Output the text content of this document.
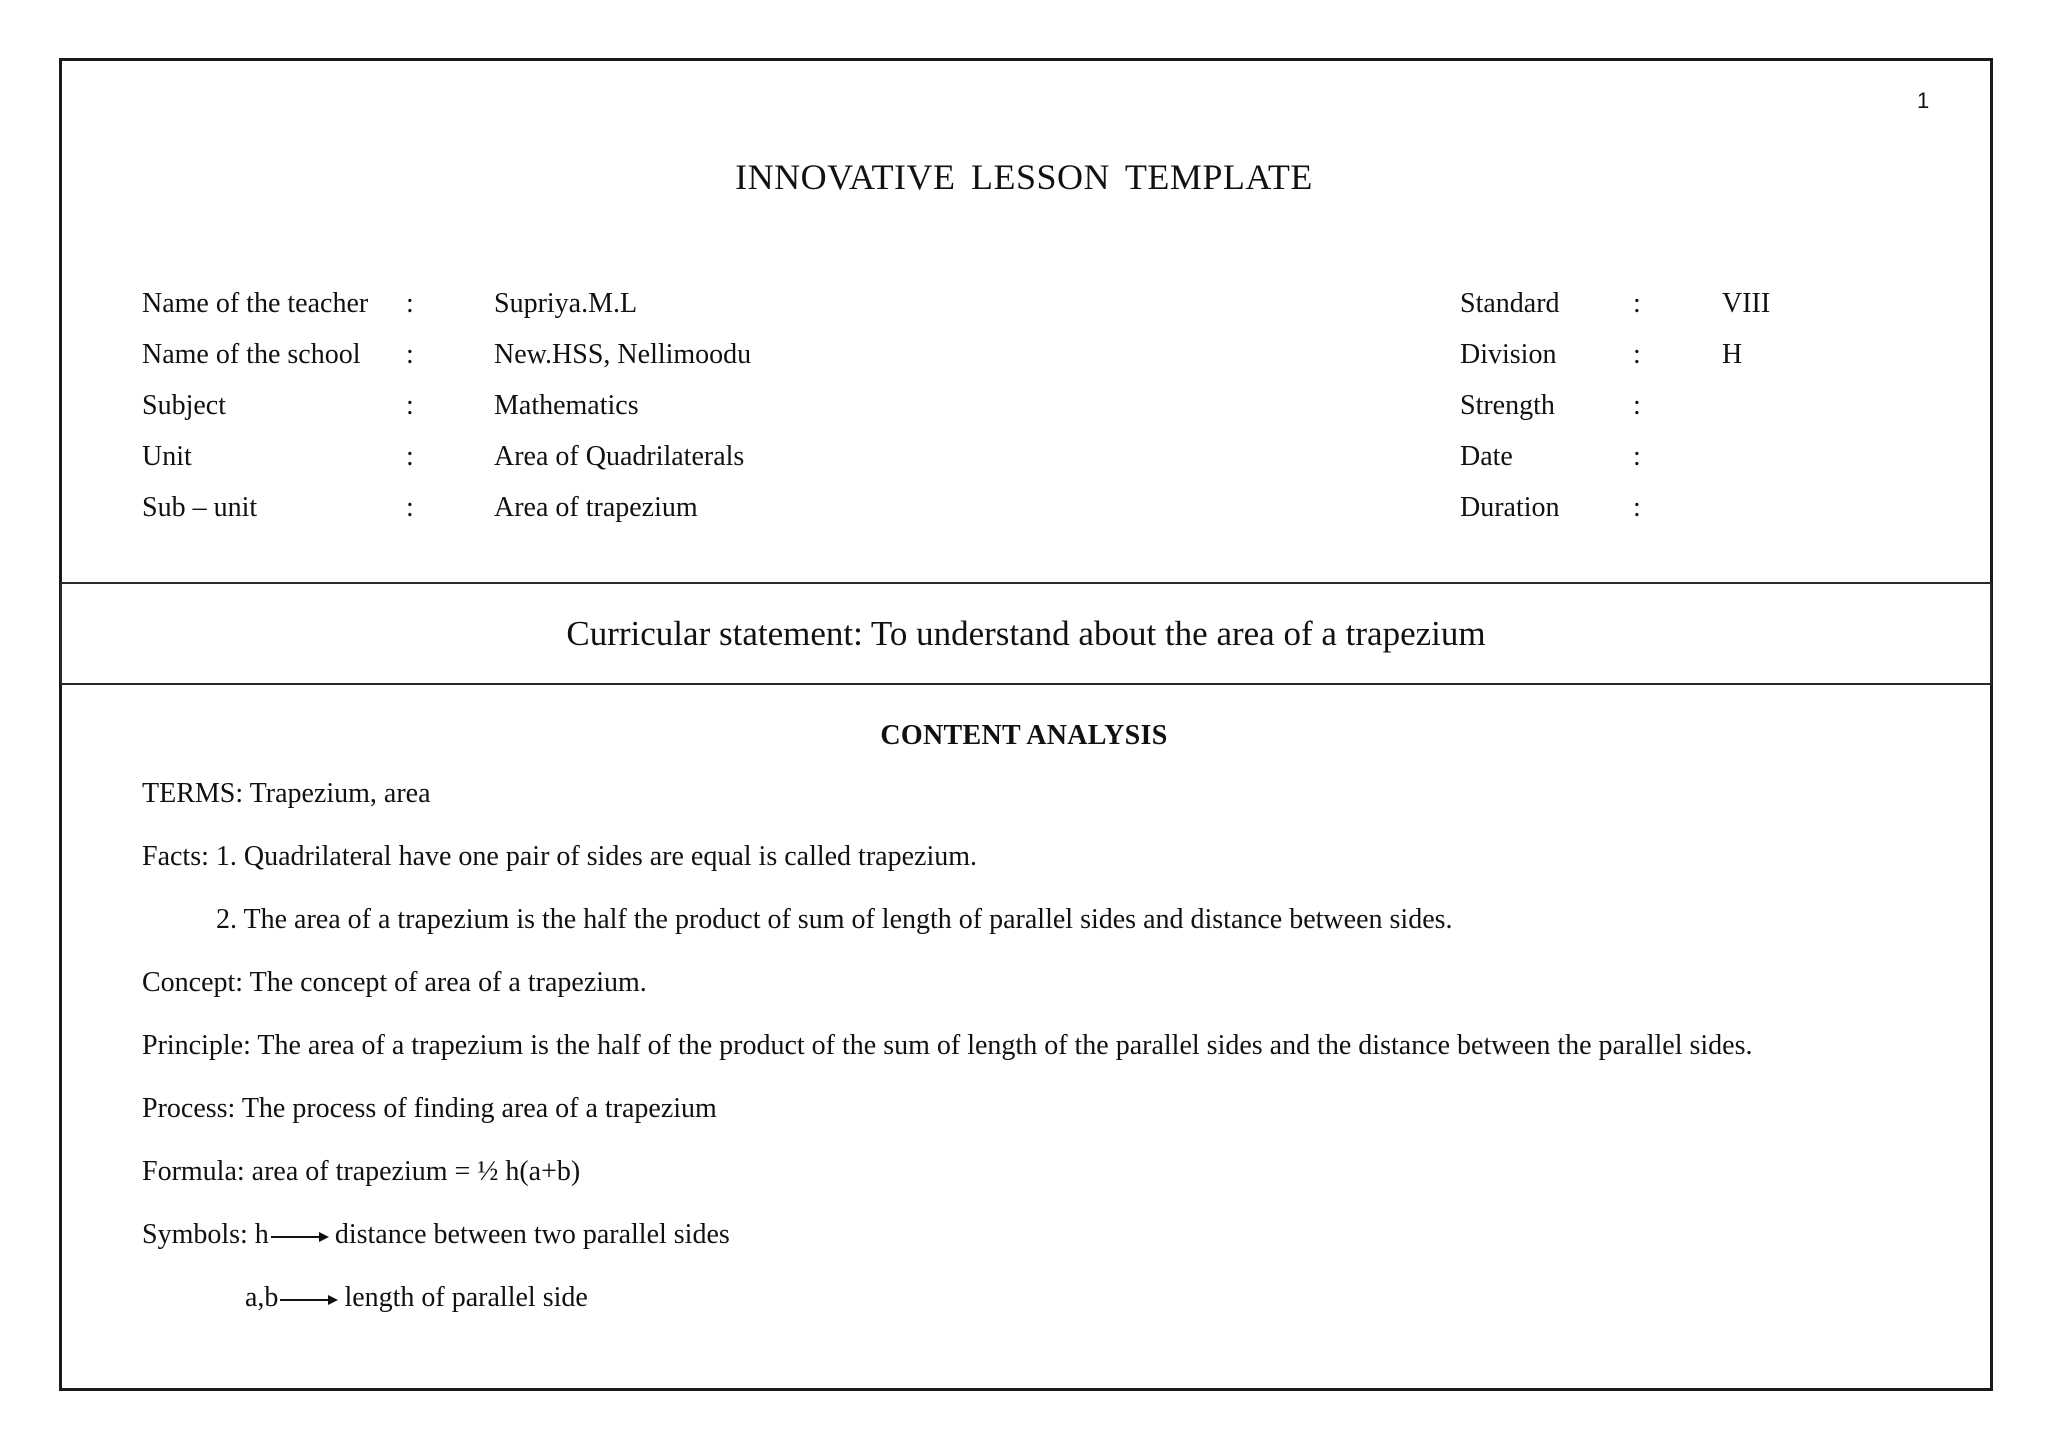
1
INNOVATIVE LESSON TEMPLATE
Name of the teacher :	Supriya.M.L
Name of the school :	New.HSS, Nellimoodu
Subject	:	Mathematics
Unit	:	Area of Quadrilaterals
Sub – unit	:	Area of trapezium
Standard	:	VIII
Division	:	H
Strength	:
Date	:
Duration	:
Curricular statement: To understand about the area of a trapezium
CONTENT ANALYSIS
TERMS: Trapezium, area
Facts: 1. Quadrilateral have one pair of sides are equal is called trapezium.
2. The area of a trapezium is the half the product of sum of length of parallel sides and distance between sides.
Concept: The concept of area of a trapezium.
Principle: The area of a trapezium is the half of the product of the sum of length of the parallel sides and the distance between the parallel sides.
Process: The process of finding area of a trapezium
Formula: area of trapezium = ½ h(a+b)
Symbols: h distance between two parallel sides
a,b length of parallel side
